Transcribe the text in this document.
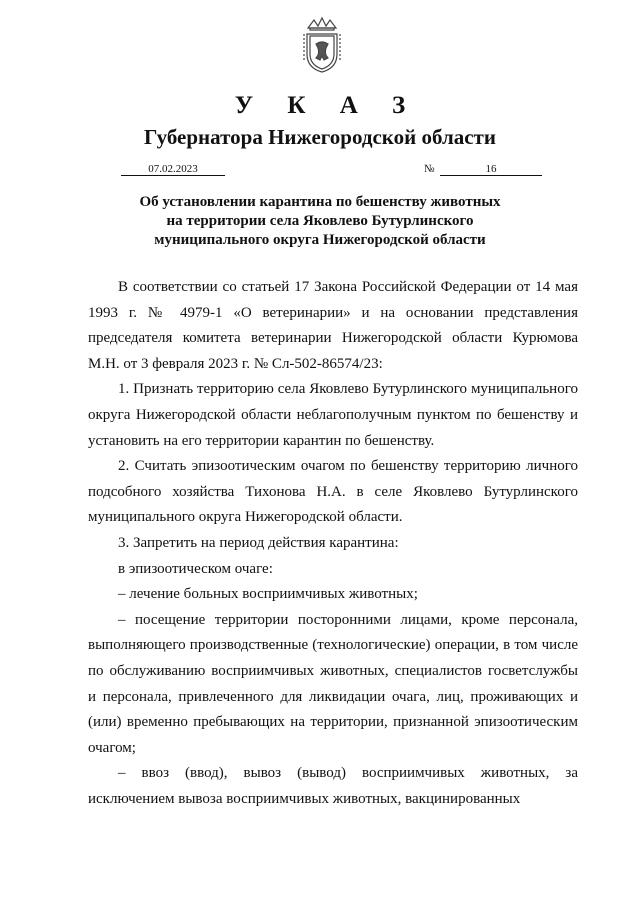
У К А З
Губернатора Нижегородской области
07.02.2023	№	16
Об установлении карантина по бешенству животных
на территории села Яковлево Бутурлинского
муниципального округа Нижегородской области

В соответствии со статьей 17 Закона Российской Федерации от 14 мая 1993 г. № 4979-1 «О ветеринарии» и на основании представления председателя комитета ветеринарии Нижегородской области Курюмова М.Н. от 3 февраля 2023 г. № Сл-502-86574/23:

1. Признать территорию села Яковлево Бутурлинского муниципального округа Нижегородской области неблагополучным пунктом по бешенству и установить на его территории карантин по бешенству.

2. Считать эпизоотическим очагом по бешенству территорию личного подсобного хозяйства Тихонова Н.А. в селе Яковлево Бутурлинского муниципального округа Нижегородской области.

3. Запретить на период действия карантина:

в эпизоотическом очаге:

– лечение больных восприимчивых животных;

– посещение территории посторонними лицами, кроме персонала, выполняющего производственные (технологические) операции, в том числе по обслуживанию восприимчивых животных, специалистов госветслужбы и персонала, привлеченного для ликвидации очага, лиц, проживающих и (или) временно пребывающих на территории, признанной эпизоотическим очагом;

– ввоз (ввод), вывоз (вывод) восприимчивых животных, за исключением вывоза восприимчивых животных, вакцинированных
